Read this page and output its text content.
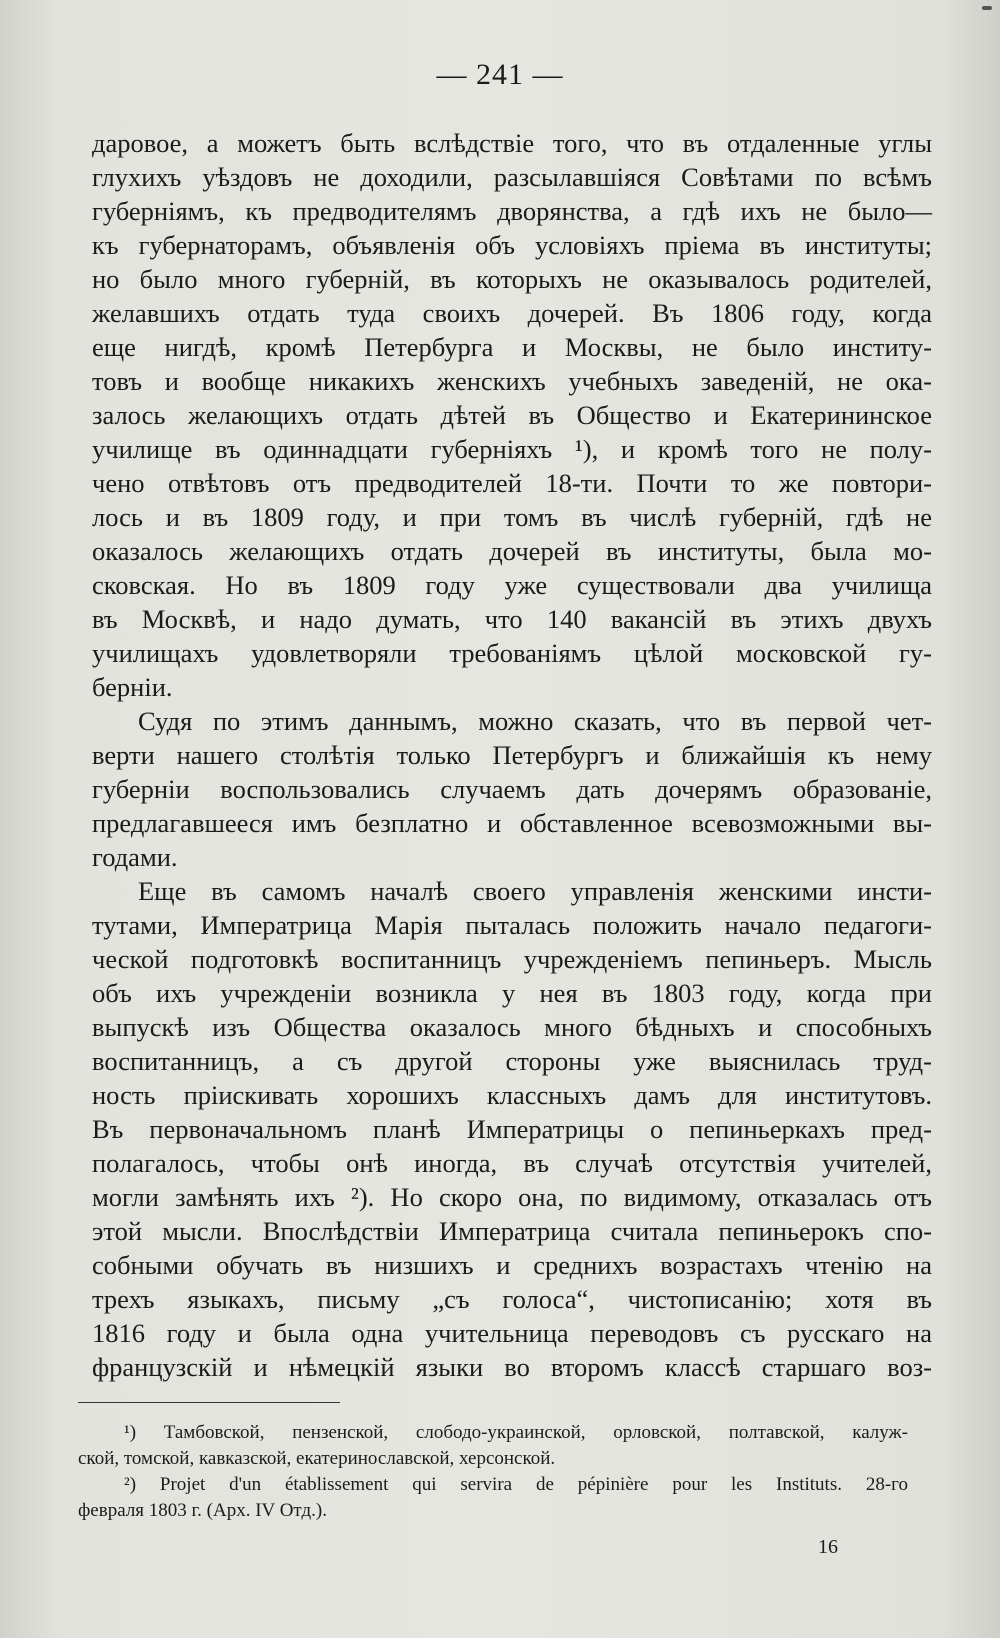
— 241 —
даровое, а можетъ быть вслѣдствіе того, что въ отдаленные углы
глухихъ уѣздовъ не доходили, разсылавшіяся Совѣтами по всѣмъ
губерніямъ, къ предводителямъ дворянства, а гдѣ ихъ не было—
къ губернаторамъ, объявленія объ условіяхъ пріема въ институты;
но было много губерній, въ которыхъ не оказывалось родителей,
желавшихъ отдать туда своихъ дочерей. Въ 1806 году, когда
еще нигдѣ, кромѣ Петербурга и Москвы, не было институ-
товъ и вообще никакихъ женскихъ учебныхъ заведеній, не ока-
залось желающихъ отдать дѣтей въ Общество и Екатерининское
училище въ одиннадцати губерніяхъ ¹), и кромѣ того не полу-
чено отвѣтовъ отъ предводителей 18-ти. Почти то же повтори-
лось и въ 1809 году, и при томъ въ числѣ губерній, гдѣ не
оказалось желающихъ отдать дочерей въ институты, была мо-
сковская. Но въ 1809 году уже существовали два училища
въ Москвѣ, и надо думать, что 140 вакансій въ этихъ двухъ
училищахъ удовлетворяли требованіямъ цѣлой московской гу-
берніи.
Судя по этимъ даннымъ, можно сказать, что въ первой чет-
верти нашего столѣтія только Петербургъ и ближайшія къ нему
губерніи воспользовались случаемъ дать дочерямъ образованіе,
предлагавшееся имъ безплатно и обставленное всевозможными вы-
годами.
Еще въ самомъ началѣ своего управленія женскими инсти-
тутами, Императрица Марія пыталась положить начало педагоги-
ческой подготовкѣ воспитанницъ учрежденіемъ пепиньеръ. Мысль
объ ихъ учрежденіи возникла у нея въ 1803 году, когда при
выпускѣ изъ Общества оказалось много бѣдныхъ и способныхъ
воспитанницъ, а съ другой стороны уже выяснилась труд-
ность пріискивать хорошихъ классныхъ дамъ для институтовъ.
Въ первоначальномъ планѣ Императрицы о пепиньеркахъ пред-
полагалось, чтобы онѣ иногда, въ случаѣ отсутствія учителей,
могли замѣнять ихъ ²). Но скоро она, по видимому, отказалась отъ
этой мысли. Впослѣдствіи Императрица считала пепиньерокъ спо-
собными обучать въ низшихъ и среднихъ возрастахъ чтенію на
трехъ языкахъ, письму „съ голоса“, чистописанію; хотя въ
1816 году и была одна учительница переводовъ съ русскаго на
французскій и нѣмецкій языки во второмъ классѣ старшаго воз-
¹) Тамбовской, пензенской, слободо-украинской, орловской, полтавской, калуж-
ской, томской, кавказской, екатеринославской, херсонской.
²) Projet d'un établissement qui servira de pépinière pour les Instituts. 28-го
февраля 1803 г. (Арх. IV Отд.).
16
